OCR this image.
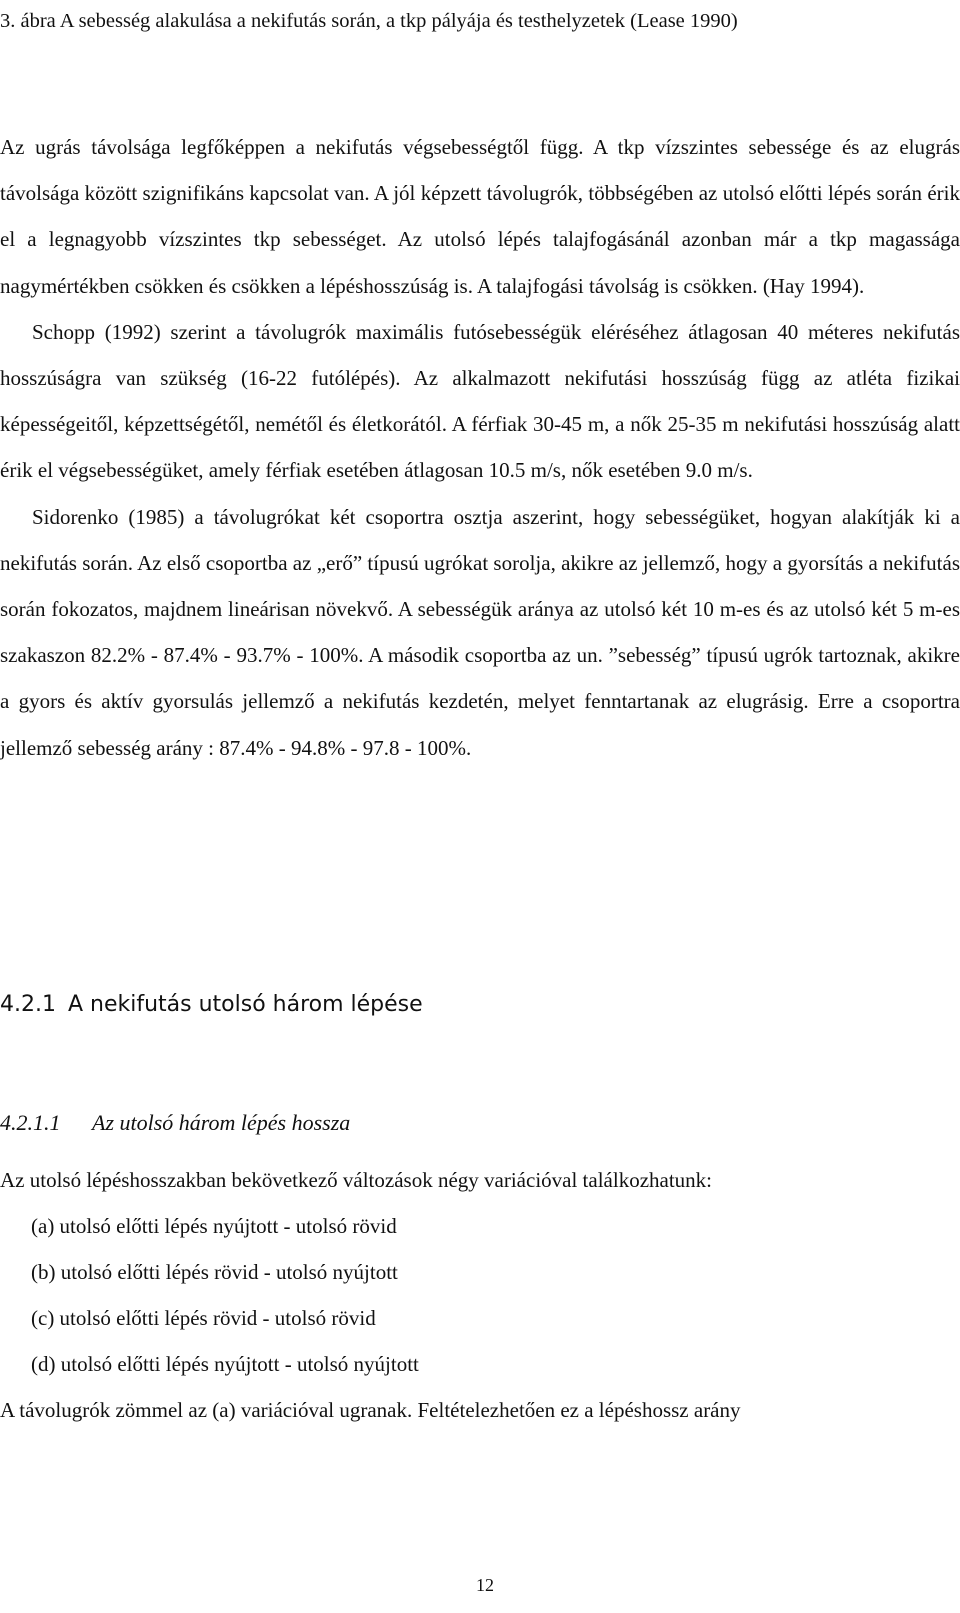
3. ábra A sebesség alakulása a nekifutás során, a tkp pályája és testhelyzetek (Lease 1990)

Az ugrás távolsága legfőképpen a nekifutás végsebességtől függ. A tkp vízszintes sebessége és az elugrás távolsága között szignifikáns kapcsolat van. A jól képzett távolugrók, többségében az utolsó előtti lépés során érik el a legnagyobb vízszintes tkp sebességet. Az utolsó lépés talajfogásánál azonban már a tkp magassága nagymértékben csökken és csökken a lépéshosszúság is. A talajfogási távolság is csökken. (Hay 1994).

Schopp (1992) szerint a távolugrók maximális futósebességük eléréséhez átlagosan 40 méteres nekifutás hosszúságra van szükség (16-22 futólépés). Az alkalmazott nekifutási hosszúság függ az atléta fizikai képességeitől, képzettségétől, nemétől és életkorától. A férfiak 30-45 m, a nők 25-35 m nekifutási hosszúság alatt érik el végsebességüket, amely férfiak esetében átlagosan 10.5 m/s, nők esetében 9.0 m/s.

Sidorenko (1985) a távolugrókat két csoportra osztja aszerint, hogy sebességüket, hogyan alakítják ki a nekifutás során. Az első csoportba az „erő” típusú ugrókat sorolja, akikre az jellemző, hogy a gyorsítás a nekifutás során fokozatos, majdnem lineárisan növekvő. A sebességük aránya az utolsó két 10 m-es és az utolsó két 5 m-es szakaszon 82.2% - 87.4% - 93.7% - 100%. A második csoportba az un. ”sebesség” típusú ugrók tartoznak, akikre a gyors és aktív gyorsulás jellemző a nekifutás kezdetén, melyet fenntartanak az elugrásig. Erre a csoportra jellemző sebesség arány : 87.4% - 94.8% - 97.8 - 100%.

4.2.1 A nekifutás utolsó három lépése
4.2.1.1 Az utolsó három lépés hossza

Az utolsó lépéshosszakban bekövetkező változások négy variációval találkozhatunk:

(a) utolsó előtti lépés nyújtott - utolsó rövid

(b) utolsó előtti lépés rövid - utolsó nyújtott

(c) utolsó előtti lépés rövid - utolsó rövid

(d) utolsó előtti lépés nyújtott - utolsó nyújtott

A távolugrók zömmel az (a) variációval ugranak. Feltételezhetően ez a lépéshossz arány

12
